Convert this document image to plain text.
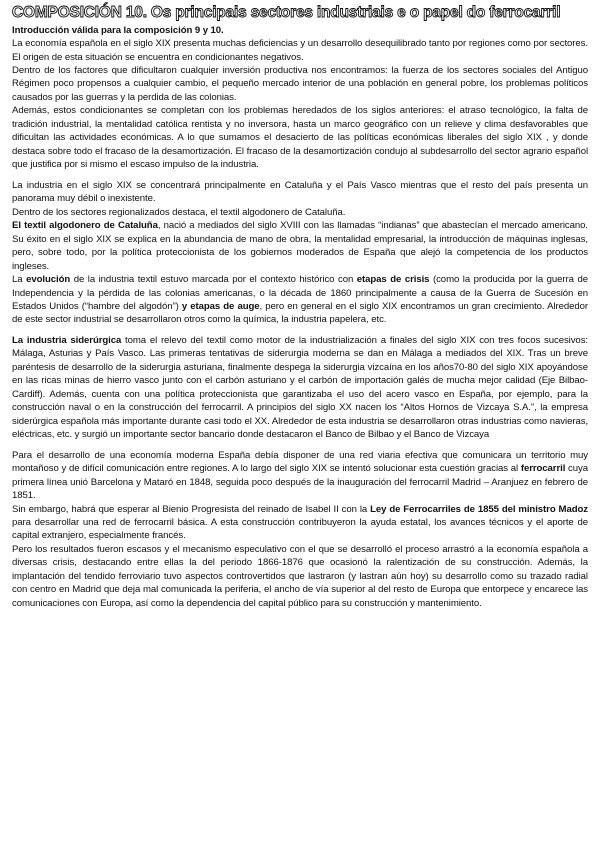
COMPOSICIÓN 10. Os principais sectores industriais e o papel do ferrocarril

Introducción válida para la composición 9 y 10.

La economía española en el siglo XIX presenta muchas deficiencias y un desarrollo desequilibrado tanto por regiones como por sectores. El origen de esta situación se encuentra en condicionantes negativos.

Dentro de los factores que dificultaron cualquier inversión productiva nos encontramos: la fuerza de los sectores sociales del Antiguo Régimen poco propensos a cualquier cambio, el pequeño mercado interior de una población en general pobre, los problemas políticos causados por las guerras y la perdida de las colonias.

Además, estos condicionantes se completan con los problemas heredados de los siglos anteriores: el atraso tecnológico, la falta de tradición industrial, la mentalidad católica rentista y no inversora, hasta un marco geográfico con un relieve y clima desfavorables que dificultan las actividades económicas. A lo que sumamos el desacierto de las políticas económicas liberales del siglo XIX , y donde destaca sobre todo el fracaso de la desamortización. El fracaso de la desamortización condujo al subdesarrollo del sector agrario español que justifica por si mismo el escaso impulso de la industria.

La industria en el siglo XIX se concentrará principalmente en Cataluña y el País Vasco mientras que el resto del país presenta un panorama muy débil o inexistente.

Dentro de los sectores regionalizados destaca, el textil algodonero de Cataluña.

El textil algodonero de Cataluña, nació a mediados del siglo XVIII con las llamadas “indianas” que abastecían el mercado americano. Su éxito en el siglo XIX se explica en la abundancia de mano de obra, la mentalidad empresarial, la introducción de máquinas inglesas, pero, sobre todo, por la política proteccionista de los gobiernos moderados de España que alejó la competencia de los productos ingleses.

La evolución de la industria textil estuvo marcada por el contexto histórico con etapas de crisis (como la producida por la guerra de Independencia y la pérdida de las colonias americanas, o la década de 1860 principalmente a causa de la Guerra de Sucesión en Estados Unidos (“hambre del algodón”) y etapas de auge, pero en general en el siglo XIX encontramos un gran crecimiento. Alrededor de este sector industrial se desarrollaron otros como la química, la industria papelera, etc.

La industria siderúrgica toma el relevo del textil como motor de la industrialización a finales del siglo XIX con tres focos sucesivos: Málaga, Asturias y País Vasco. Las primeras tentativas de siderurgia moderna se dan en Málaga a mediados del XIX. Tras un breve paréntesis de desarrollo de la siderurgia asturiana, finalmente despega la siderurgia vizcaína en los años70-80 del siglo XIX apoyándose en las ricas minas de hierro vasco junto con el carbón asturiano y el carbón de importación galés de mucha mejor calidad (Eje Bilbao- Cardiff). Además, cuenta con una política proteccionista que garantizaba el uso del acero vasco en España, por ejemplo, para la construcción naval o en la construcción del ferrocarril. A principios del siglo XX nacen los “Altos Hornos de Vizcaya S.A.”, la empresa siderúrgica española más importante durante casi todo el XX. Alrededor de esta industria se desarrollaron otras industrias como navieras, eléctricas, etc. y surgió un importante sector bancario donde destacaron el Banco de Bilbao y el Banco de Vizcaya

Para el desarrollo de una economía moderna España debía disponer de una red viaria efectiva que comunicara un territorio muy montañoso y de difícil comunicación entre regiones. A lo largo del siglo XIX se intentó solucionar esta cuestión gracias al ferrocarril cuya primera línea unió Barcelona y Mataró en 1848, seguida poco después de la inauguración del ferrocarril Madrid – Aranjuez en febrero de 1851.

Sin embargo, habrá que esperar al Bienio Progresista del reinado de Isabel II con la Ley de Ferrocarriles de 1855 del ministro Madoz para desarrollar una red de ferrocarril básica. A esta construcción contribuyeron la ayuda estatal, los avances técnicos y el aporte de capital extranjero, especialmente francés.

Pero los resultados fueron escasos y el mecanismo especulativo con el que se desarrolló el proceso arrastró a la economía española a diversas crisis, destacando entre ellas la del periodo 1866-1876 que ocasionó la ralentización de su construcción. Además, la implantación del tendido ferroviario tuvo aspectos controvertidos que lastraron (y lastran aún hoy) su desarrollo como su trazado radial con centro en Madrid que deja mal comunicada la periferia, el ancho de vía superior al del resto de Europa que entorpece y encarece las comunicaciones con Europa, así como la dependencia del capital público para su construcción y mantenimiento.
